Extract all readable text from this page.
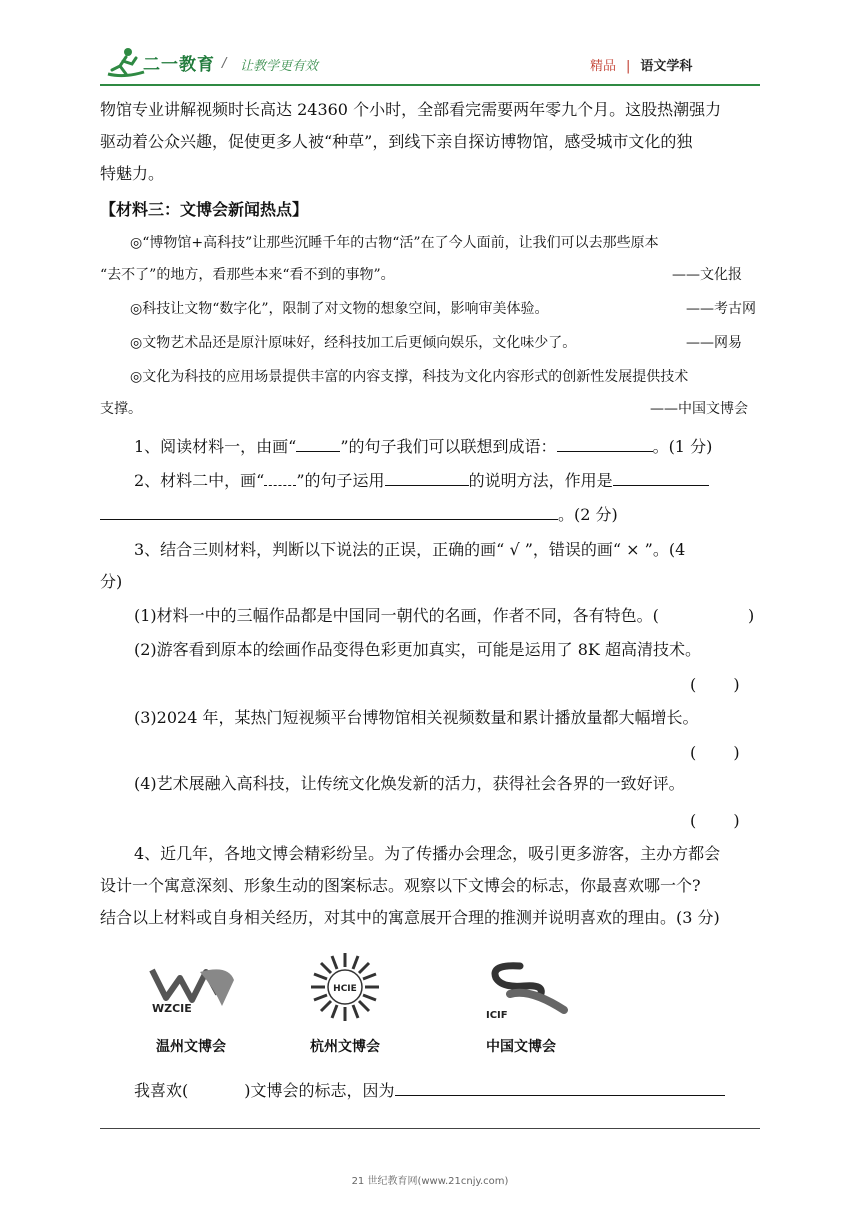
二一教育 / 让教学更有效	精品 | 语文学科
物馆专业讲解视频时长高达 24360 个小时，全部看完需要两年零九个月。这股热潮强力
驱动着公众兴趣，促使更多人被“种草”，到线下亲自探访博物馆，感受城市文化的独
特魅力。
【材料三：文博会新闻热点】
◎“博物馆+高科技”让那些沉睡千年的古物“活”在了今人面前，让我们可以去那些原本
“去不了”的地方，看那些本来“看不到的事物”。	——文化报
◎科技让文物“数字化”，限制了对文物的想象空间，影响审美体验。	——考古网
◎文物艺术品还是原汁原味好，经科技加工后更倾向娱乐，文化味少了。	——网易
◎文化为科技的应用场景提供丰富的内容支撑，科技为文化内容形式的创新性发展提供技术
支撑。	——中国文博会
1、阅读材料一，由画“	”的句子我们可以联想到成语：	。(1 分)
2、材料二中，画“ ”的句子运用	的说明方法，作用是
。(2 分)
3、结合三则材料，判断以下说法的正误，正确的画“ √ ”，错误的画“ × ”。(4
分)
(1)材料一中的三幅作品都是中国同一朝代的名画，作者不同，各有特色。(	)
(2)游客看到原本的绘画作品变得色彩更加真实，可能是运用了 8K 超高清技术。
(　　 )
(3)2024 年，某热门短视频平台博物馆相关视频数量和累计播放量都大幅增长。
(　　 )
(4)艺术展融入高科技，让传统文化焕发新的活力，获得社会各界的一致好评。
(　　 )
4、近几年，各地文博会精彩纷呈。为了传播办会理念，吸引更多游客，主办方都会
设计一个寓意深刻、形象生动的图案标志。观察以下文博会的标志，你最喜欢哪一个?
结合以上材料或自身相关经历，对其中的寓意展开合理的推测并说明喜欢的理由。(3 分)
WZCIE
温州文博会
HCIE
杭州文博会
ICIF
中国文博会
我喜欢(	)文博会的标志，因为
21 世纪教育网(www.21cnjy.com)
